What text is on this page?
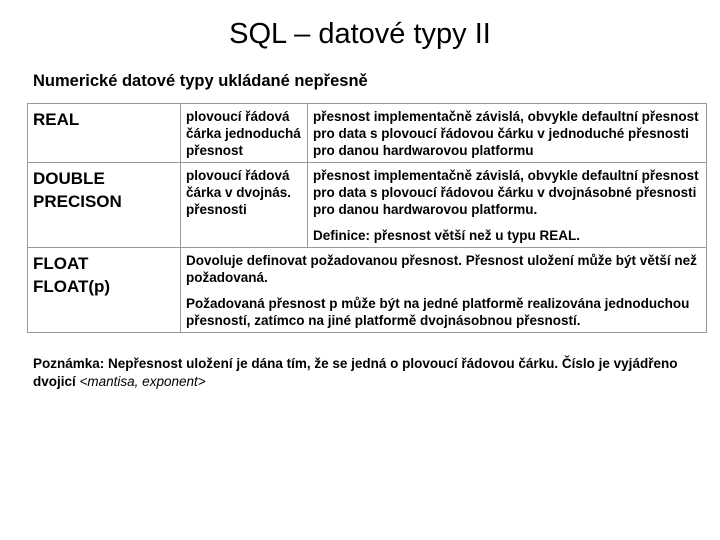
SQL – datové typy II
Numerické datové typy ukládané nepřesně
REAL	plovoucí řádová čárka jednoduchá přesnost	přesnost implementačně závislá, obvykle defaultní přesnost pro data s plovoucí řádovou čárku v jednoduché přesnosti pro danou hardwarovou platformu

DOUBLE
PRECISON	plovoucí řádová čárka v dvojnás. přesnosti	přesnost implementačně závislá, obvykle defaultní přesnost pro data s plovoucí řádovou čárku v dvojnásobné přesnosti pro danou hardwarovou platformu.
Definice: přesnost větší než u typu REAL.

FLOAT
FLOAT(p)	Dovoluje definovat požadovanou přesnost. Přesnost uložení může být větší než požadovaná.
Požadovaná přesnost p může být na jedné platformě realizována jednoduchou přesností, zatímco na jiné platformě dvojnásobnou přesností.	
Poznámka: Nepřesnost uložení je dána tím, že se jedná o plovoucí řádovou čárku. Číslo je vyjádřeno dvojicí <mantisa, exponent>
